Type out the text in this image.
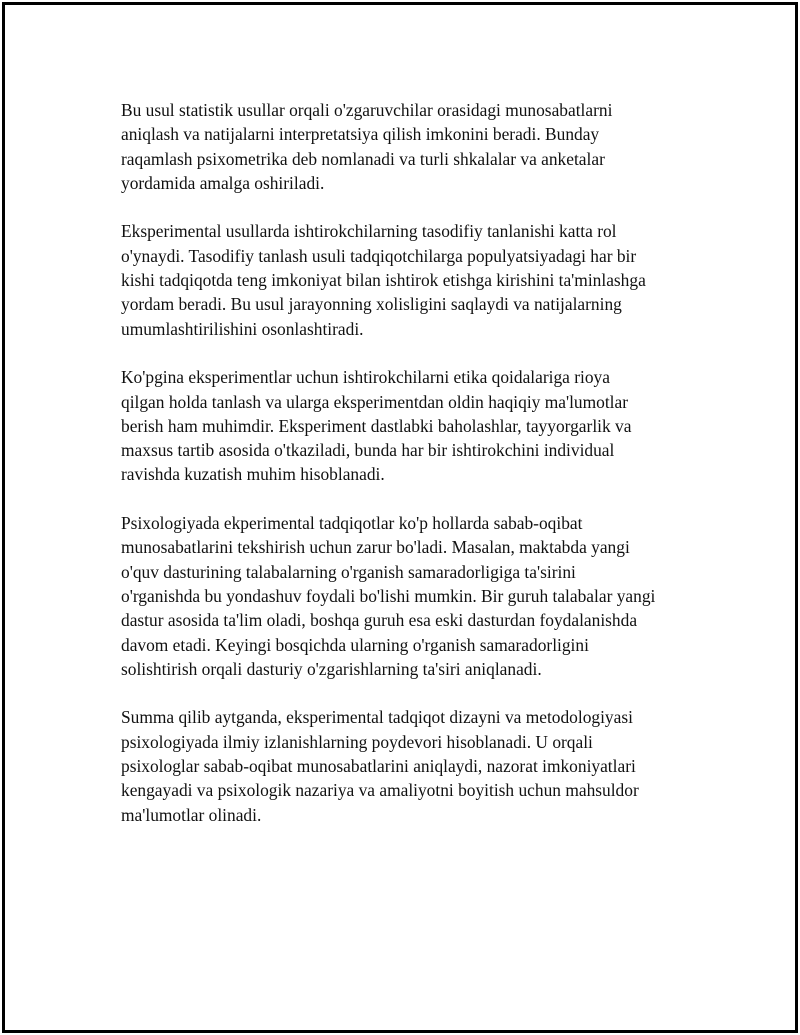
Bu usul statistik usullar orqali o'zgaruvchilar orasidagi munosabatlarni
aniqlash va natijalarni interpretatsiya qilish imkonini beradi. Bunday
raqamlash psixometrika deb nomlanadi va turli shkalalar va anketalar
yordamida amalga oshiriladi.

Eksperimental usullarda ishtirokchilarning tasodifiy tanlanishi katta rol
o'ynaydi. Tasodifiy tanlash usuli tadqiqotchilarga populyatsiyadagi har bir
kishi tadqiqotda teng imkoniyat bilan ishtirok etishga kirishini ta'minlashga
yordam beradi. Bu usul jarayonning xolisligini saqlaydi va natijalarning
umumlashtirilishini osonlashtiradi.

Ko'pgina eksperimentlar uchun ishtirokchilarni etika qoidalariga rioya
qilgan holda tanlash va ularga eksperimentdan oldin haqiqiy ma'lumotlar
berish ham muhimdir. Eksperiment dastlabki baholashlar, tayyorgarlik va
maxsus tartib asosida o'tkaziladi, bunda har bir ishtirokchini individual
ravishda kuzatish muhim hisoblanadi.

Psixologiyada ekperimental tadqiqotlar ko'p hollarda sabab-oqibat
munosabatlarini tekshirish uchun zarur bo'ladi. Masalan, maktabda yangi
o'quv dasturining talabalarning o'rganish samaradorligiga ta'sirini
o'rganishda bu yondashuv foydali bo'lishi mumkin. Bir guruh talabalar yangi
dastur asosida ta'lim oladi, boshqa guruh esa eski dasturdan foydalanishda
davom etadi. Keyingi bosqichda ularning o'rganish samaradorligini
solishtirish orqali dasturiy o'zgarishlarning ta'siri aniqlanadi.

Summa qilib aytganda, eksperimental tadqiqot dizayni va metodologiyasi
psixologiyada ilmiy izlanishlarning poydevori hisoblanadi. U orqali
psixologlar sabab-oqibat munosabatlarini aniqlaydi, nazorat imkoniyatlari
kengayadi va psixologik nazariya va amaliyotni boyitish uchun mahsuldor
ma'lumotlar olinadi.
